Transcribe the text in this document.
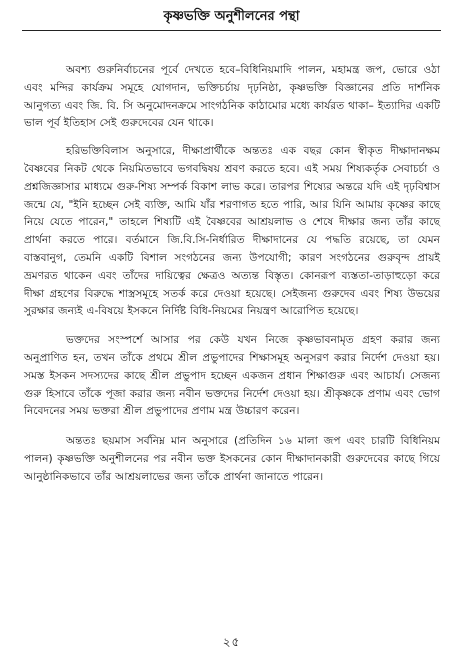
কৃষ্ণভক্তি অনুশীলনের পন্থা

অবশ্য গুরুনির্বাচনের পূর্বে দেখতে হবে–বিধিনিয়মাদি পালন, মহামন্ত্র জপ, ভোরে ওঠা এবং মন্দির কার্যক্রম সমূহে যোগদান, ভক্তিচর্চায় দৃঢ়নিষ্ঠা, কৃষ্ণভক্তি বিজ্ঞানের প্রতি দার্শনিক আনুগত্য এবং জি. বি. সি অনুমোদনক্রমে সাংগঠনিক কাঠামোর মধ্যে কার্যরত থাকা– ইত্যাদির একটি ভাল পূর্ব ইতিহাস সেই গুরুদেবের যেন থাকে।

হরিভক্তিবিলাস অনুসারে, দীক্ষাপ্রার্থীকে অন্ততঃ এক বছর কোন স্বীকৃত দীক্ষাদানক্ষম বৈষ্ণবের নিকট থেকে নিয়মিতভাবে ভগবদ্বিষয় শ্রবণ করতে হবে। এই সময় শিষ্যকর্তৃক সেবাচর্চা ও প্রশ্নজিজ্ঞাসার মাধ্যমে গুরু-শিষ্য সম্পর্ক বিকাশ লাভ করে। তারপর শিষ্যের অন্তরে যদি এই দৃঢ়বিশ্বাস জন্মে যে, "ইনি হচ্ছেন সেই ব্যক্তি, আমি যাঁর শরণাগত হতে পারি, আর যিনি আমায় কৃষ্ণের কাছে নিয়ে যেতে পারেন," তাহলে শিষ্যটি এই বৈষ্ণবের আশ্রয়লাভ ও শেষে দীক্ষার জন্য তাঁর কাছে প্রার্থনা করতে পারে। বর্তমানে জি.বি.সি-নির্ধারিত দীক্ষাদানের যে পদ্ধতি রয়েছে, তা যেমন বাস্তবানুগ, তেমনি একটি বিশাল সংগঠনের জন্য উপযোগী; কারণ সংগঠনের গুরুবৃন্দ প্রায়ই ভ্রমণরত থাকেন এবং তাঁদের দায়িত্বের ক্ষেত্রও অত্যন্ত বিস্তৃত। কোনরূপ ব্যস্ততা-তাড়াহুড়ো করে দীক্ষা গ্রহণের বিরুদ্ধে শাস্ত্রসমূহে সতর্ক করে দেওয়া হয়েছে। সেইজন্য গুরুদেব এবং শিষ্য উভয়ের সুরক্ষার জন্যই এ-বিষয়ে ইসকনে নির্দিষ্ট বিধি-নিয়মের নিয়ন্ত্রণ আরোপিত হয়েছে।

ভক্তদের সংস্পর্শে আসার পর কেউ যখন নিজে কৃষ্ণভাবনামৃত গ্রহণ করার জন্য অনুপ্রাণিত হন, তখন তাঁকে প্রথমে শ্রীল প্রভুপাদের শিক্ষাসমূহ অনুসরণ করার নির্দেশ দেওয়া হয়। সমস্ত ইসকন সদস্যদের কাছে শ্রীল প্রভুপাদ হচ্ছেন একজন প্রধান শিক্ষাগুরু এবং আচার্য। সেজন্য গুরু হিসাবে তাঁকে পূজা করার জন্য নবীন ভক্তদের নির্দেশ দেওয়া হয়। শ্রীকৃষ্ণকে প্রণাম এবং ভোগ নিবেদনের সময় ভক্তরা শ্রীল প্রভুপাদের প্রণাম মন্ত্র উচ্চারণ করেন।

অন্ততঃ ছয়মাস সর্বনিম্ন মান অনুসারে (প্রতিদিন ১৬ মালা জপ এবং চারটি বিধিনিয়ম পালন) কৃষ্ণভক্তি অনুশীলনের পর নবীন ভক্ত ইসকনের কোন দীক্ষাদানকারী গুরুদেবের কাছে গিয়ে আনুষ্ঠানিকভাবে তাঁর আশ্রয়লাভের জন্য তাঁকে প্রার্থনা জানাতে পারেন।

২৫
